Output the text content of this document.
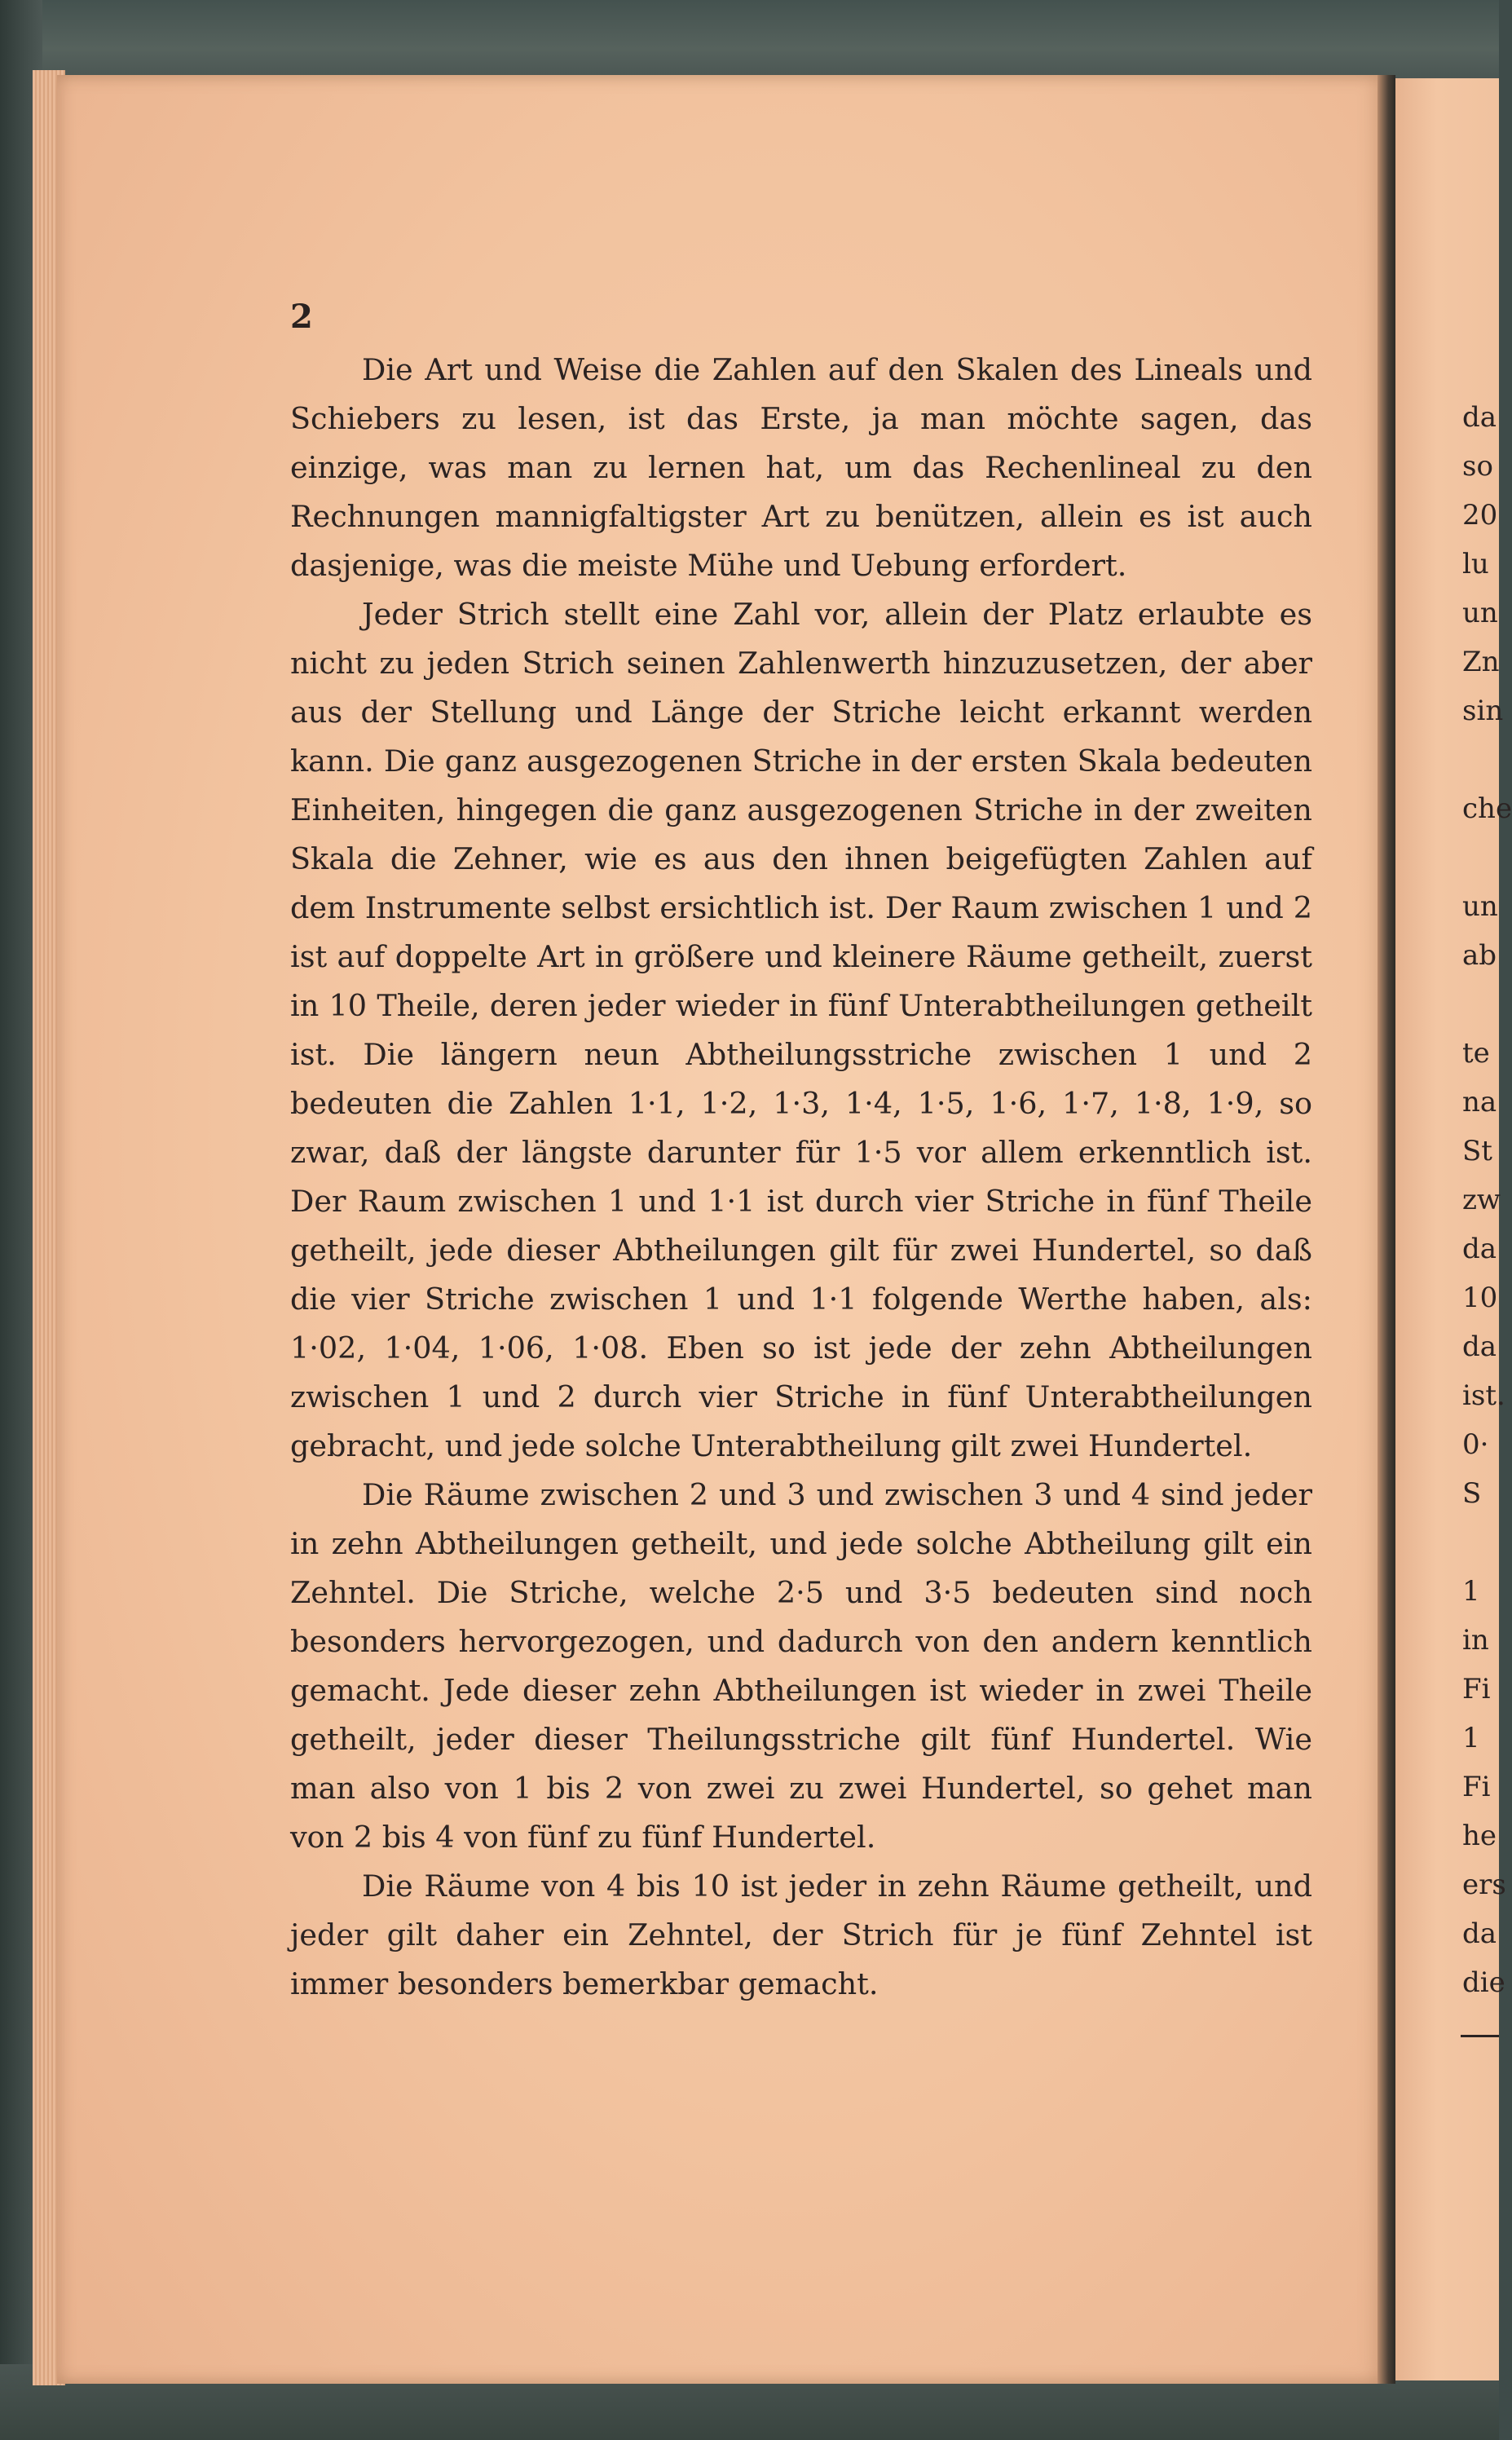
2

Die Art und Weise die Zahlen auf den Skalen des Lineals und Schiebers zu lesen, ist das Erste, ja man möchte sagen, das einzige, was man zu lernen hat, um das Rechenlineal zu den Rechnungen mannigfaltigster Art zu benützen, allein es ist auch dasjenige, was die meiste Mühe und Uebung erfordert.

Jeder Strich stellt eine Zahl vor, allein der Platz erlaubte es nicht zu jeden Strich seinen Zahlenwerth hinzuzusetzen, der aber aus der Stellung und Länge der Striche leicht erkannt werden kann. Die ganz ausgezogenen Striche in der ersten Skala bedeuten Einheiten, hingegen die ganz ausgezogenen Striche in der zweiten Skala die Zehner, wie es aus den ihnen beigefügten Zahlen auf dem Instrumente selbst ersichtlich ist. Der Raum zwischen 1 und 2 ist auf doppelte Art in größere und kleinere Räume getheilt, zuerst in 10 Theile, deren jeder wieder in fünf Unterabtheilungen getheilt ist. Die längern neun Abtheilungsstriche zwischen 1 und 2 bedeuten die Zahlen 1·1, 1·2, 1·3, 1·4, 1·5, 1·6, 1·7, 1·8, 1·9, so zwar, daß der längste darunter für 1·5 vor allem erkenntlich ist. Der Raum zwischen 1 und 1·1 ist durch vier Striche in fünf Theile getheilt, jede dieser Abtheilungen gilt für zwei Hundertel, so daß die vier Striche zwischen 1 und 1·1 folgende Werthe haben, als: 1·02, 1·04, 1·06, 1·08. Eben so ist jede der zehn Abtheilungen zwischen 1 und 2 durch vier Striche in fünf Unterabtheilungen gebracht, und jede solche Unterabtheilung gilt zwei Hundertel.

Die Räume zwischen 2 und 3 und zwischen 3 und 4 sind jeder in zehn Abtheilungen getheilt, und jede solche Abtheilung gilt ein Zehntel. Die Striche, welche 2·5 und 3·5 bedeuten sind noch besonders hervorgezogen, und dadurch von den andern kenntlich gemacht. Jede dieser zehn Abtheilungen ist wieder in zwei Theile getheilt, jeder dieser Theilungsstriche gilt fünf Hundertel. Wie man also von 1 bis 2 von zwei zu zwei Hundertel, so gehet man von 2 bis 4 von fünf zu fünf Hundertel.

Die Räume von 4 bis 10 ist jeder in zehn Räume getheilt, und jeder gilt daher ein Zehntel, der Strich für je fünf Zehntel ist immer besonders bemerkbar gemacht.

da
so
20
lu
un
Zn
sin
che
un
ab
te
na
St
zw
da
10
da
ist.
0·
S
1
in
Fi
1
Fi
he
ers
da
die
